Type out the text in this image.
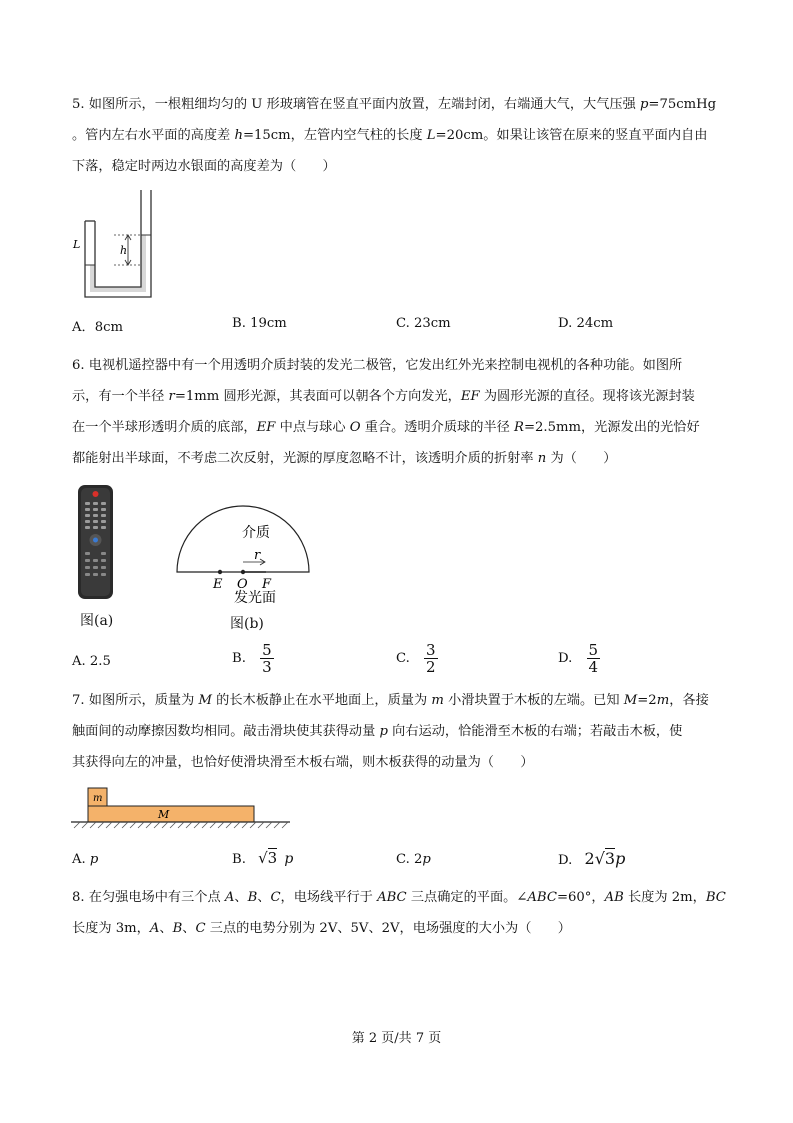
5. 如图所示，一根粗细均匀的 U 形玻璃管在竖直平面内放置，左端封闭，右端通大气，大气压强 p=75cmHg
。管内左右水平面的高度差 h=15cm，左管内空气柱的长度 L=20cm。如果让该管在原来的竖直平面内自由
下落，稳定时两边水银面的高度差为（　　）
h
L
A．8cm	B. 19cm	C. 23cm	D. 24cm
6. 电视机遥控器中有一个用透明介质封装的发光二极管，它发出红外光来控制电视机的各种功能。如图所
示，有一个半径 r=1mm 圆形光源，其表面可以朝各个方向发光，EF 为圆形光源的直径。现将该光源封装
在一个半球形透明介质的底部，EF 中点与球心 O 重合。透明介质球的半径 R=2.5mm，光源发出的光恰好
都能射出半球面，不考虑二次反射，光源的厚度忽略不计，该透明介质的折射率 n 为（　　）
图(a)
介质
r
E O F
发光面
图(b)
A. 2.5	B. $\frac{5}{3}$	C. $\frac{3}{2}$	D. $\frac{5}{4}$
7. 如图所示，质量为 M 的长木板静止在水平地面上，质量为 m 小滑块置于木板的左端。已知 M=2m，各接
触面间的动摩擦因数均相同。敲击滑块使其获得动量 p 向右运动，恰能滑至木板的右端；若敲击木板，使
其获得向左的冲量，也恰好使滑块滑至木板右端，则木板获得的动量为（　　）
m
M
A. p	B. √3 p	C. 2p	D. 2√3p
8. 在匀强电场中有三个点 A、B、C，电场线平行于 ABC 三点确定的平面。∠ABC=60°，AB 长度为 2m，BC
长度为 3m，A、B、C 三点的电势分别为 2V、5V、2V，电场强度的大小为（　　）
第 2 页/共 7 页
